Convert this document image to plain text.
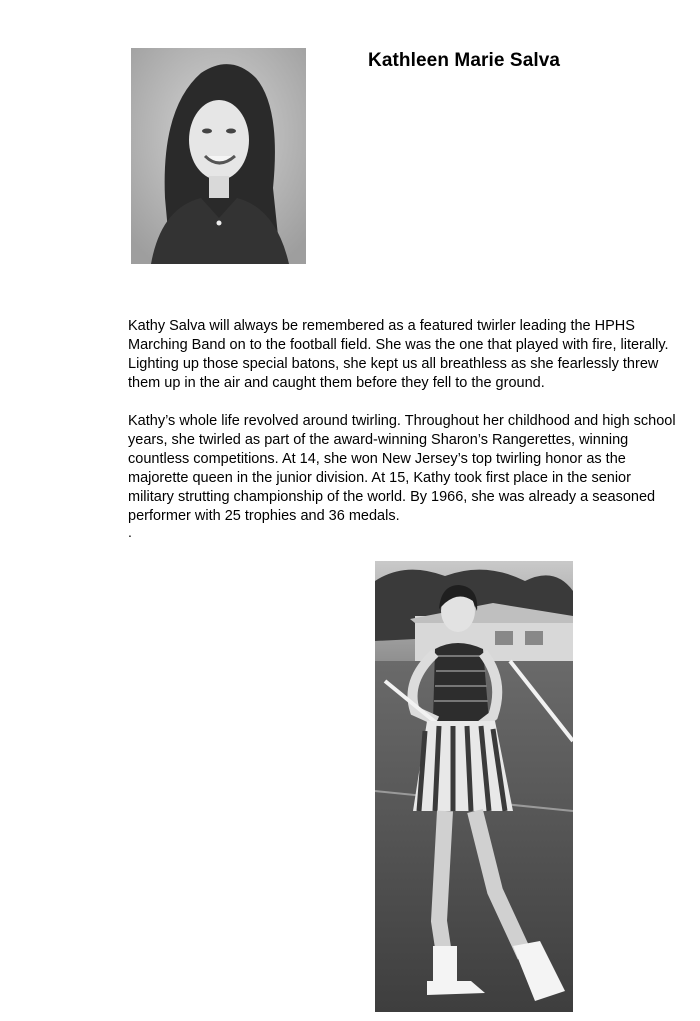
Kathleen Marie Salva
Kathy Salva will always be remembered as a featured twirler leading the HPHS Marching Band on to the football field. She was the one that played with fire, literally. Lighting up those special batons, she kept us all breathless as she fearlessly threw them up in the air and caught them before they fell to the ground.
Kathy’s whole life revolved around twirling. Throughout her childhood and high school years, she twirled as part of the award-winning Sharon’s Rangerettes, winning countless competitions. At 14, she won New Jersey’s top twirling honor as the majorette queen in the junior division. At 15, Kathy took first place in the senior military strutting championship of the world. By 1966, she was already a seasoned performer with 25 trophies and 36 medals.
.
